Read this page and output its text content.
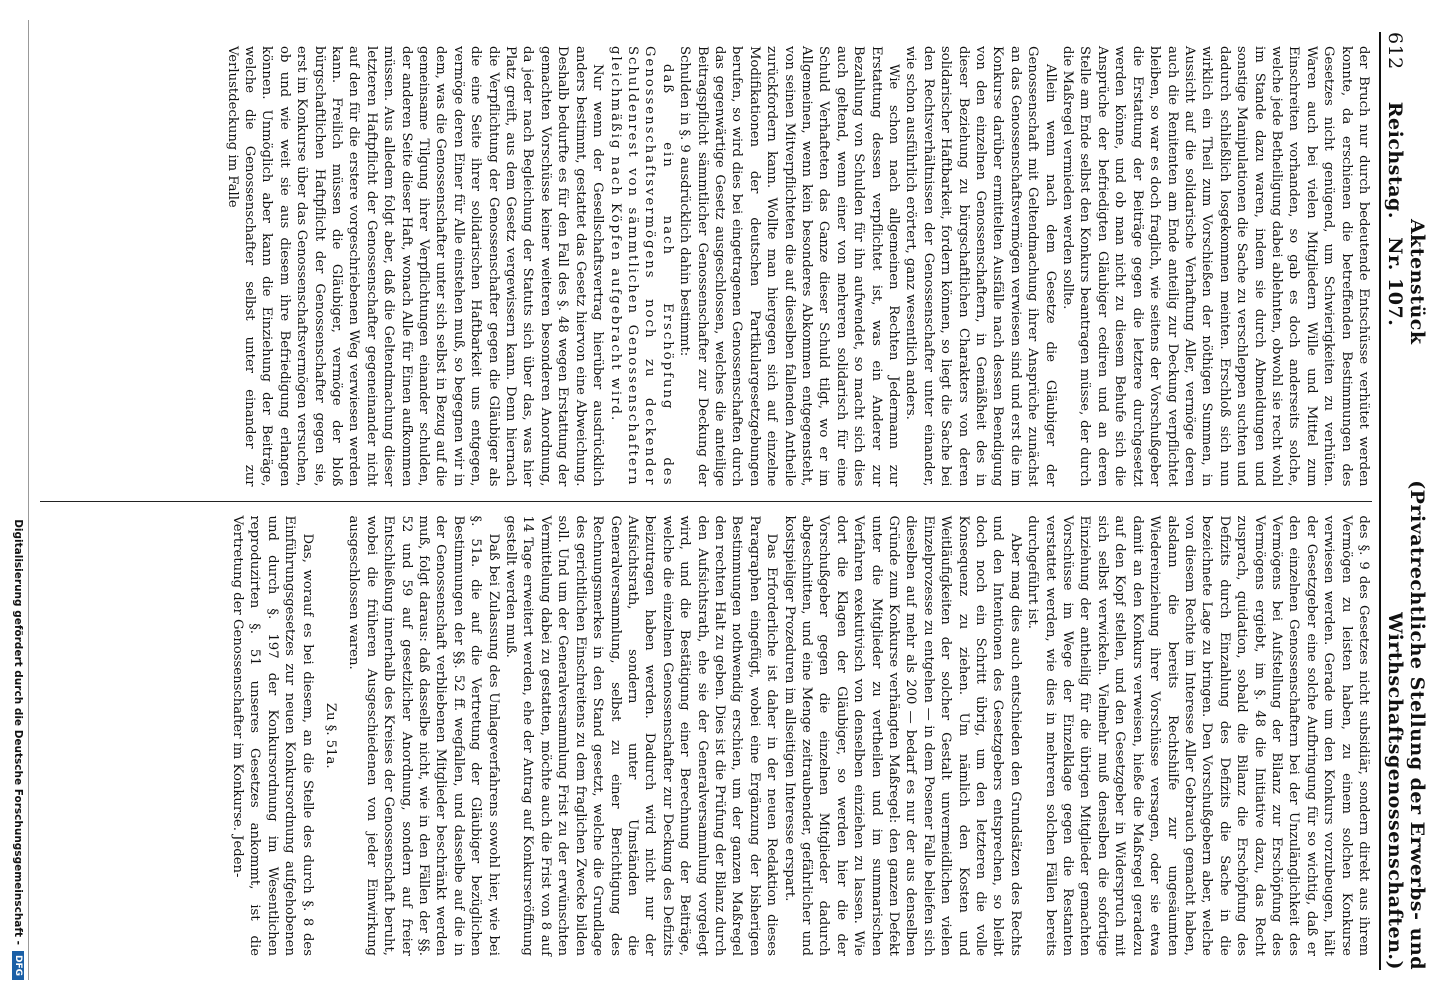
612
Reichstag.
Aktenstück Nr. 107.
(Privatrechtliche Stellung der Erwerbs- und Wirthschaftsgenossenschaften.)

der Bruch nur durch bedeutende Entschüsse verhütet werden konnte, da erschienen die betreffenden Bestimmungen des Gesetzes nicht genügend, um Schwierigkeiten zu verhüten. Waren auch bei vielen Mitgliedern Wille und Mittel zum Einschreiten vorhanden, so gab es doch anderseits solche, welche jede Betheiligung dabei ablehnten, obwohl sie recht wohl im Stande dazu waren, indem sie durch Abmeldungen und sonstige Manipulationen die Sache zu verschleppen suchten und dadurch schließlich losgekommen meinten. Erschloß sich nun wirklich ein Theil zum Vorschießen der nöthigen Summen, in Aussicht auf die solidarische Verhaftung Aller, vermöge deren auch die Renitenten am Ende anteilig zur Deckung verpflichtet bleiben, so war es doch fraglich, wie seitens der Vorschußgeber die Erstattung der Beiträge gegen die letztere durchgesetzt werden könne, und ob man nicht zu diesem Behufe sich die Ansprüche der befriedigten Gläubiger cediren und an deren Stelle am Ende selbst den Konkurs beantragen müsse, der durch die Maßregel vermieden werden sollte.

Allein wenn nach dem Gesetze die Gläubiger der Genossenschaft mit Geltendmachung ihrer Ansprüche zunächst an das Genossenschaftsvermögen verwiesen sind und erst die im Konkurse darüber ermittelten Ausfälle nach dessen Beendigung von den einzelnen Genossenschaftern, in Gemäßheit des in dieser Beziehung zu bürgschaftlichen Charakters von deren solidarischer Haftbarkeit, fordern können, so liegt die Sache bei den Rechtsverhältnissen der Genossenschafter unter einander, wie schon ausführlich erörtert, ganz wesentlich anders.

Wie schon nach allgemeinen Rechten Jedermann zur Erstattung dessen verpflichtet ist, was ein Anderer zur Bezahlung von Schulden für ihn aufwendet, so macht sich dies auch geltend, wenn einer von mehreren solidarisch für eine Schuld Verhafteten das Ganze dieser Schuld tilgt, wo er im Allgemeinen, wenn kein besonderes Abkommen entgegensteht, von seinen Mitverpflichteten die auf dieselben fallenden Antheile zurückfordern kann. Wollte man hiergegen sich auf einzelne Modifikationen der deutschen Partikulargesetzgebungen berufen, so wird dies bei eingetragenen Genossenschaften durch das gegenwärtige Gesetz ausgeschlossen, welches die anteilige Beitragspflicht sämmtlicher Genossenschafter zur Deckung der Schulden in §. 9 ausdrücklich dahin bestimmt:

daß ein nach Erschöpfung des Genossenschaftsvermögens noch zu deckender Schuldenrest von sämmtlichen Genossenschaftern gleichmäßig nach Köpfen aufgebracht wird.

Nur wenn der Gesellschaftsvertrag hierüber ausdrücklich anders bestimmt, gestattet das Gesetz hiervon eine Abweichung. Deshalb bedurfte es für den Fall des §. 48 wegen Erstattung der gemachten Vorschüsse keiner weiteren besonderen Anordnung, da jeder nach Begleichung der Statuts sich über das, was hier Platz greift, aus dem Gesetz vergewissern kann. Denn hiernach die Verpflichtung der Genossenschafter gegen die Gläubiger als die eine Seite ihrer solidarischen Haftbarkeit uns entgegen, vermöge deren Einer für Alle einstehen muß, so begegnen wir in dem, was die Genossenschafter unter sich selbst in Bezug auf die gemeinsame Tilgung ihrer Verpflichtungen einander schulden, der anderen Seite dieser Haft, wonach Alle für Einen aufkommen müssen. Aus alledem folgt aber, daß die Geltendmachung dieser letzteren Haftpflicht der Genossenschafter gegeneinander nicht auf den für die erstere vorgeschriebenen Weg verwiesen werden kann. Freilich müssen die Gläubiger, vermöge der bloß bürgschaftlichen Haftpflicht der Genossenschafter gegen sie, erst im Konkurse über das Genossenschaftsvermögen versuchen, ob und wie weit sie aus diesem ihre Befriedigung erlangen können. Unmöglich aber kann die Einziehung der Beiträge, welche die Genossenschafter selbst unter einander zur Verlustdeckung im Falle

des §. 9 des Gesetzes nicht subsidiär, sondern direkt aus ihrem Vermögen zu leisten haben, zu einem solchen Konkurse verwiesen werden. Gerade um den Konkurs vorzubeugen, hält der Gesetzgeber eine solche Aufbringung für so wichtig, daß er den einzelnen Genossenschaftern bei der Unzulänglichkeit des Vermögens bei Aufstellung der Bilanz zur Erschöpfung des Vermögens ergiebt, im §. 48 die Initiative dazu, das Recht zusprach, quidation, sobald die Bilanz die Erschöpfung des Defizits durch Einzahlung des Defizits die Sache in die bezeichnete Lage zu bringen. Den Vorschußgebern aber, welche von diesem Rechte im Interesse Aller Gebrauch gemacht haben, alsdann die bereits Rechtshilfe zur ungesäumten Wiedereinziehung ihrer Vorschüsse versagen, oder sie etwa damit an den Konkurs verweisen, hieße die Maßregel geradezu auf den Kopf stellen, und den Gesetzgeber in Widerspruch mit sich selbst verwickeln. Vielmehr muß denselben die sofortige Einziehung der antheilig für die übrigen Mitglieder gemachten Vorschüsse im Wege der Einzelklage gegen die Restanten verstattet werden, wie dies in mehreren solchen Fällen bereits durchgeführt ist.

Aber mag dies auch entschieden den Grundsätzen des Rechts und den Intentionen des Gesetzgebers entsprechen, so bleibt doch noch ein Schritt übrig, um den letzteren die volle Konsequenz zu ziehen. Um nämlich den Kosten und Weitläufigkeiten der solcher Gestalt unvermeidlichen vielen Einzelprozesse zu entgehen — in dem Posener Falle beliefen sich dieselben auf mehr als 200 — bedarf es nur der aus denselben Gründe zum Konkurse verhängten Maßregel: den ganzen Defekt unter die Mitglieder zu vertheilen und im summarischen Verfahren exekutivisch von denselben einziehen zu lassen. Wie dort die Klagen der Gläubiger, so werden hier die der Vorschußgeber gegen die einzelnen Mitglieder dadurch abgeschnitten, und eine Menge zeitraubender, gefährlicher und kostspieliger Prozeduren im allseitigen Interesse erspart.

Das Erforderliche ist daher in der neuen Redaktion dieses Paragraphen eingefügt, wobei eine Ergänzung der bisherigen Bestimmungen nothwendig erschien, um der ganzen Maßregel den rechten Halt zu geben. Dies ist die Prüfung der Bilanz durch den Aufsichtsrath, ehe sie der Generalversammlung vorgelegt wird, und die Bestätigung einer Berechnung der Beiträge, welche die einzelnen Genossenschafter zur Deckung des Defizits beizutragen haben werden. Dadurch wird nicht nur der Aufsichtsrath, sondern unter Umständen die Generalversammlung, selbst zu einer Berichtigung des Rechnungsmerkes in den Stand gesetzt, welche die Grundlage des gerichtlichen Einschreitens zu dem fraglichen Zwecke bilden soll. Und um der Generalversammlung Frist zu der erwünschten Vermittelung dabei zu gestatten, möchte auch die Frist von 8 auf 14 Tage erweitert werden, ehe der Antrag auf Konkurseröffnung gestellt werden muß.

Daß bei Zulassung des Umlageverfahrens sowohl hier, wie bei §. 51a. die auf die Vertretung der Gläubiger bezüglichen Bestimmungen der §§. 52 ff. wegfallen, und dasselbe auf die in der Genossenschaft verbliebenen Mitglieder beschränkt werden muß, folgt daraus: daß dasselbe nicht, wie in den Fällen der §§. 52 und 59 auf gesetzlicher Anordnung, sondern auf freier Entschließung innerhalb des Kreises der Genossenschaft beruht, wobei die früheren Ausgeschiedenen von jeder Einwirkung ausgeschlossen waren.

Zu §. 51a.

Das, worauf es bei diesem, an die Stelle des durch §. 8 des Einführungsgesetzes zur neuen Konkursordnung aufgehobenen und durch §. 197 der Konkursordnung im Wesentlichen reproduzirten §. 51 unseres Gesetzes ankommt, ist die Vertretung der Genossenschafter im Konkurse. Jeden-

Digitalisierung gefördert durch die Deutsche Forschungsgemeinschaft -
DFG
